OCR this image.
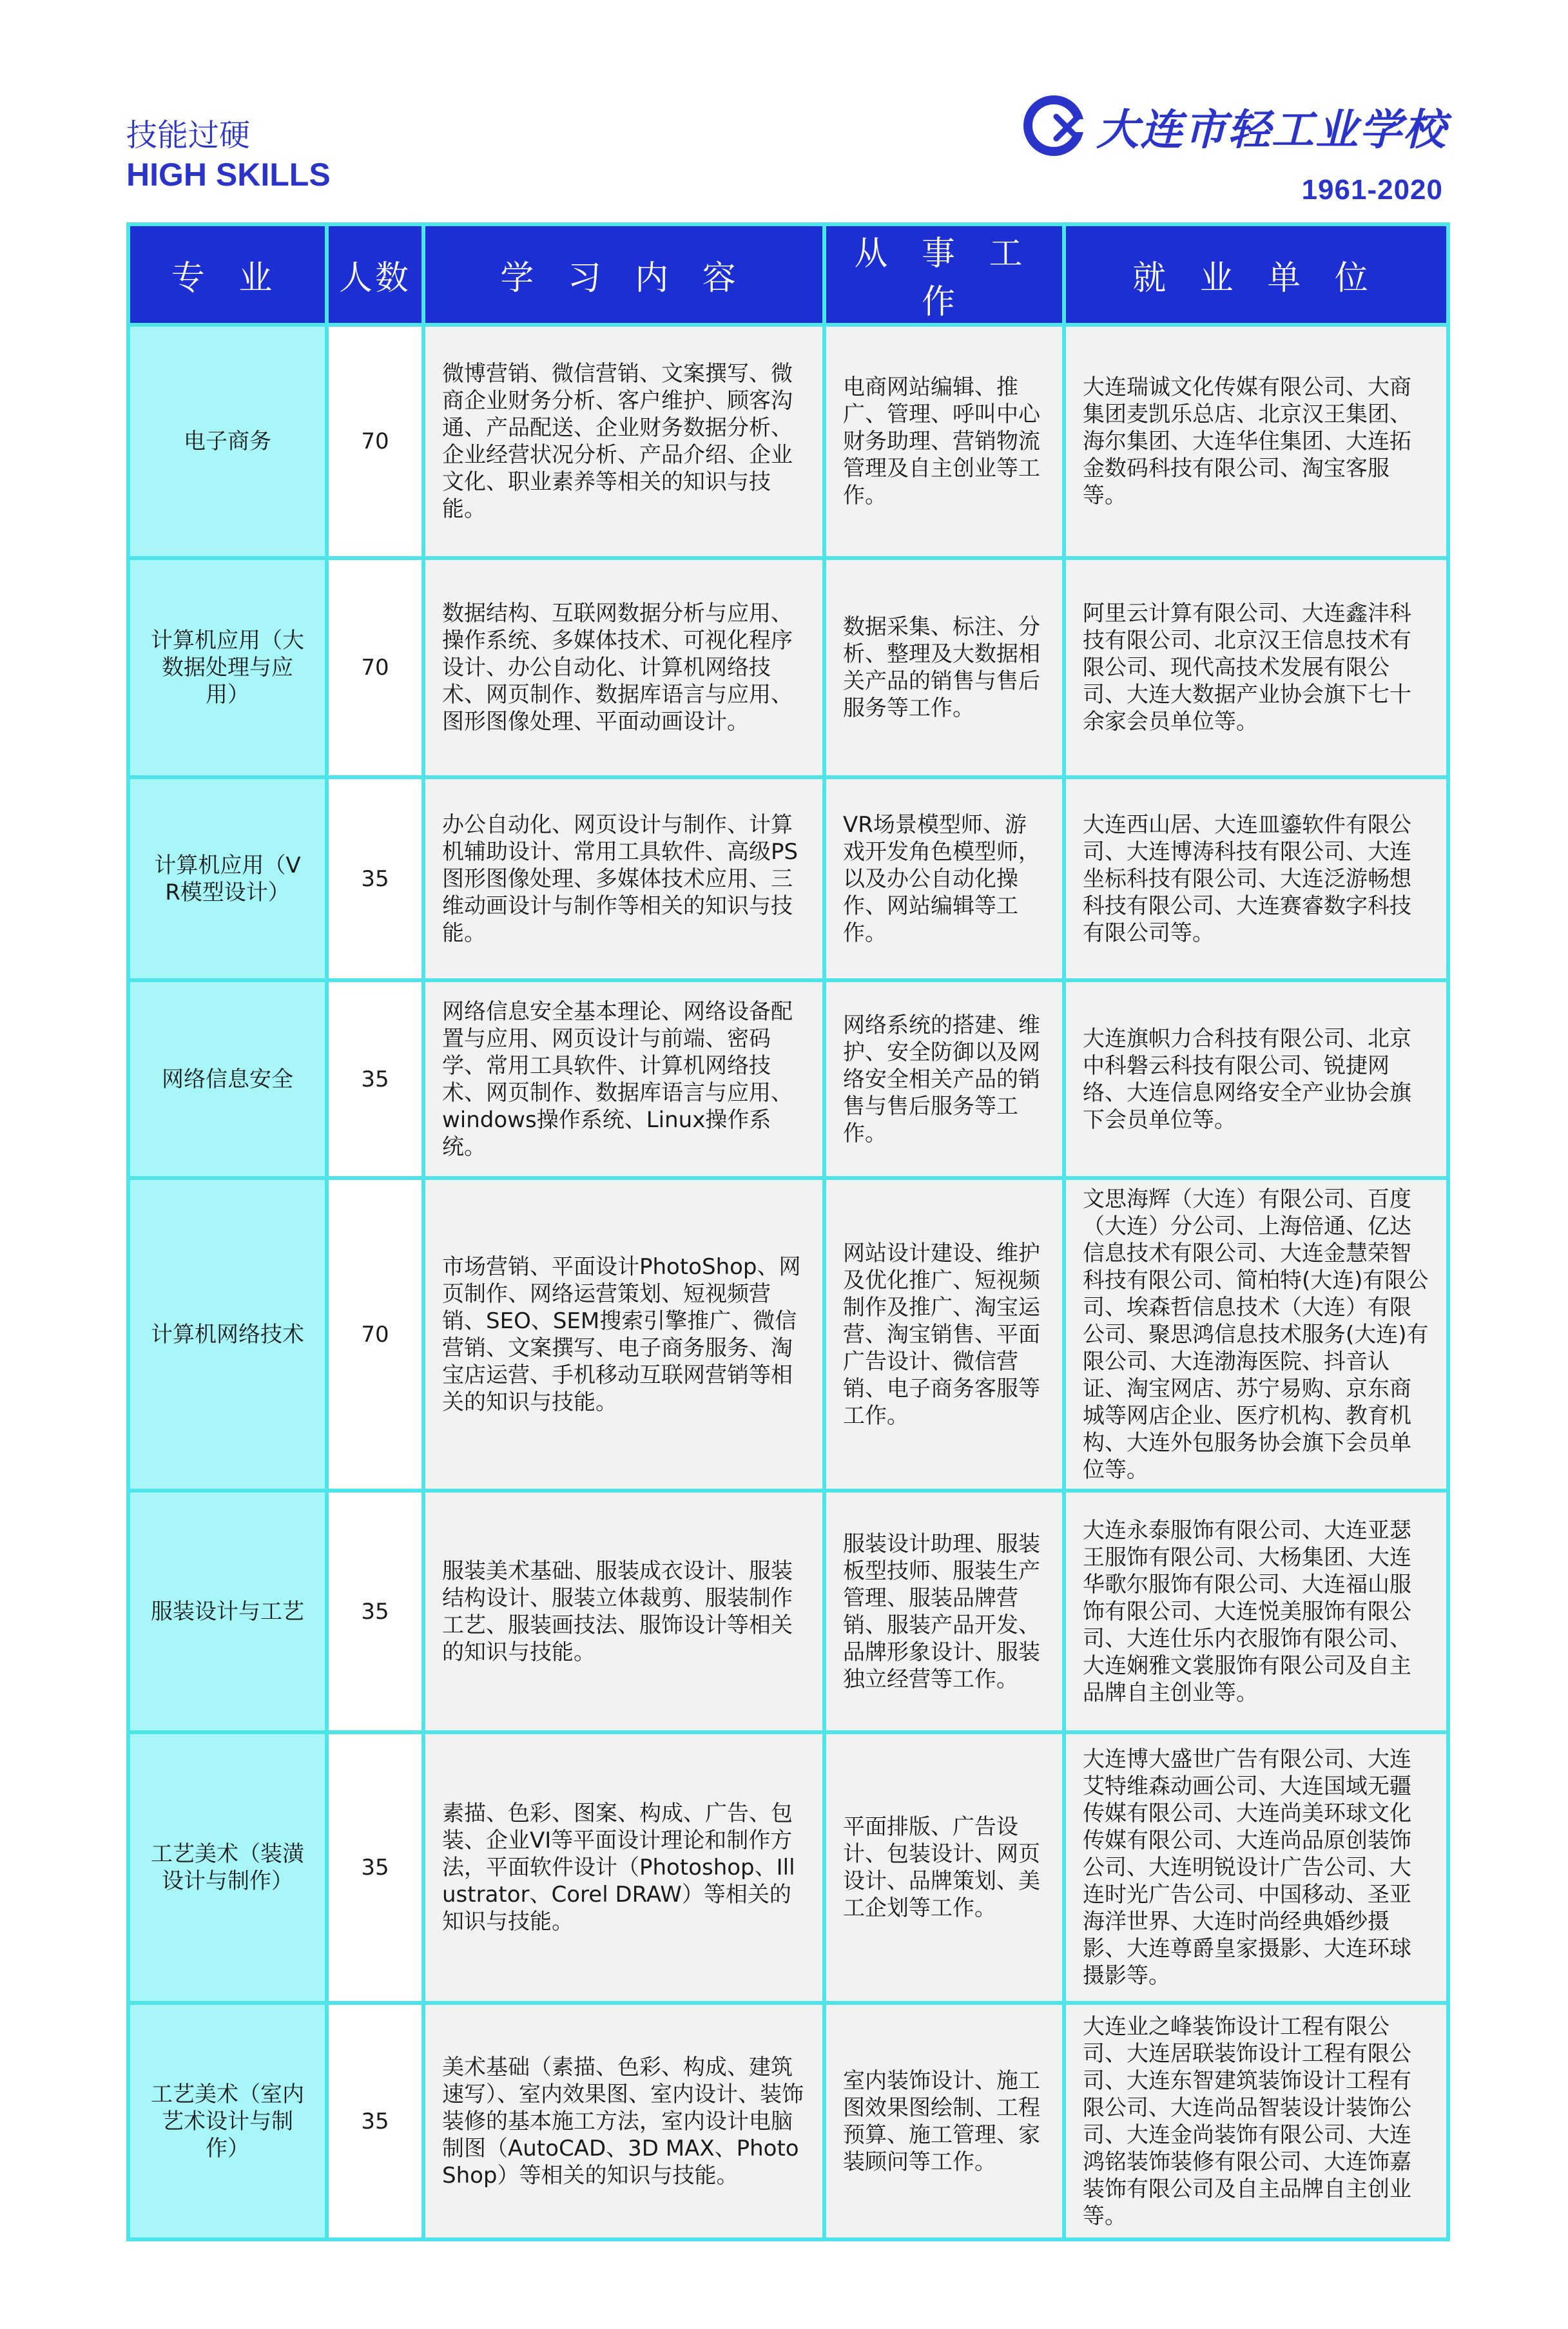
技能过硬
HIGH SKILLS
大连市轻工业学校
1961-2020
专 业	人数	学 习 内 容	从 事 工 作	就 业 单 位
电子商务	70	微博营销、微信营销、文案撰写、微商企业财务分析、客户维护、顾客沟通、产品配送、企业财务数据分析、企业经营状况分析、产品介绍、企业文化、职业素养等相关的知识与技能。	电商网站编辑、推广、管理、呼叫中心财务助理、营销物流管理及自主创业等工作。	大连瑞诚文化传媒有限公司、大商集团麦凯乐总店、北京汉王集团、海尔集团、大连华住集团、大连拓金数码科技有限公司、淘宝客服等。
计算机应用（大数据处理与应用）	70	数据结构、互联网数据分析与应用、操作系统、多媒体技术、可视化程序设计、办公自动化、计算机网络技术、网页制作、数据库语言与应用、图形图像处理、平面动画设计。	数据采集、标注、分析、整理及大数据相关产品的销售与售后服务等工作。	阿里云计算有限公司、大连鑫沣科技有限公司、北京汉王信息技术有限公司、现代高技术发展有限公司、大连大数据产业协会旗下七十余家会员单位等。
计算机应用（VR模型设计）	35	办公自动化、网页设计与制作、计算机辅助设计、常用工具软件、高级PS图形图像处理、多媒体技术应用、三维动画设计与制作等相关的知识与技能。	VR场景模型师、游戏开发角色模型师，以及办公自动化操作、网站编辑等工作。	大连西山居、大连皿鎏软件有限公司、大连博涛科技有限公司、大连坐标科技有限公司、大连泛游畅想科技有限公司、大连赛睿数字科技有限公司等。
网络信息安全	35	网络信息安全基本理论、网络设备配置与应用、网页设计与前端、密码学、常用工具软件、计算机网络技术、网页制作、数据库语言与应用、windows操作系统、Linux操作系统。	网络系统的搭建、维护、安全防御以及网络安全相关产品的销售与售后服务等工作。	大连旗帜力合科技有限公司、北京中科磐云科技有限公司、锐捷网络、大连信息网络安全产业协会旗下会员单位等。
计算机网络技术	70	市场营销、平面设计PhotoShop、网页制作、网络运营策划、短视频营销、SEO、SEM搜索引擎推广、微信营销、文案撰写、电子商务服务、淘宝店运营、手机移动互联网营销等相关的知识与技能。	网站设计建设、维护及优化推广、短视频制作及推广、淘宝运营、淘宝销售、平面广告设计、微信营销、电子商务客服等工作。	文思海辉（大连）有限公司、百度（大连）分公司、上海倍通、亿达信息技术有限公司、大连金慧荣智科技有限公司、简柏特(大连)有限公司、埃森哲信息技术（大连）有限公司、聚思鸿信息技术服务(大连)有限公司、大连渤海医院、抖音认证、淘宝网店、苏宁易购、京东商城等网店企业、医疗机构、教育机构、大连外包服务协会旗下会员单位等。
服装设计与工艺	35	服装美术基础、服装成衣设计、服装结构设计、服装立体裁剪、服装制作工艺、服装画技法、服饰设计等相关的知识与技能。	服装设计助理、服装板型技师、服装生产管理、服装品牌营销、服装产品开发、品牌形象设计、服装独立经营等工作。	大连永泰服饰有限公司、大连亚瑟王服饰有限公司、大杨集团、大连华歌尔服饰有限公司、大连福山服饰有限公司、大连悦美服饰有限公司、大连仕乐内衣服饰有限公司、大连娴雅文裳服饰有限公司及自主品牌自主创业等。
工艺美术（装潢设计与制作）	35	素描、色彩、图案、构成、广告、包装、企业VI等平面设计理论和制作方法，平面软件设计（Photoshop、Illustrator、Corel DRAW）等相关的知识与技能。	平面排版、广告设计、包装设计、网页设计、品牌策划、美工企划等工作。	大连博大盛世广告有限公司、大连艾特维森动画公司、大连国域无疆传媒有限公司、大连尚美环球文化传媒有限公司、大连尚品原创装饰公司、大连明锐设计广告公司、大连时光广告公司、中国移动、圣亚海洋世界、大连时尚经典婚纱摄影、大连尊爵皇家摄影、大连环球摄影等。
工艺美术（室内艺术设计与制作）	35	美术基础（素描、色彩、构成、建筑速写）、室内效果图、室内设计、装饰装修的基本施工方法，室内设计电脑制图（AutoCAD、3D MAX、PhotoShop）等相关的知识与技能。	室内装饰设计、施工图效果图绘制、工程预算、施工管理、家装顾问等工作。	大连业之峰装饰设计工程有限公司、大连居联装饰设计工程有限公司、大连东智建筑装饰设计工程有限公司、大连尚品智装设计装饰公司、大连金尚装饰有限公司、大连鸿铭装饰装修有限公司、大连饰嘉装饰有限公司及自主品牌自主创业等。
